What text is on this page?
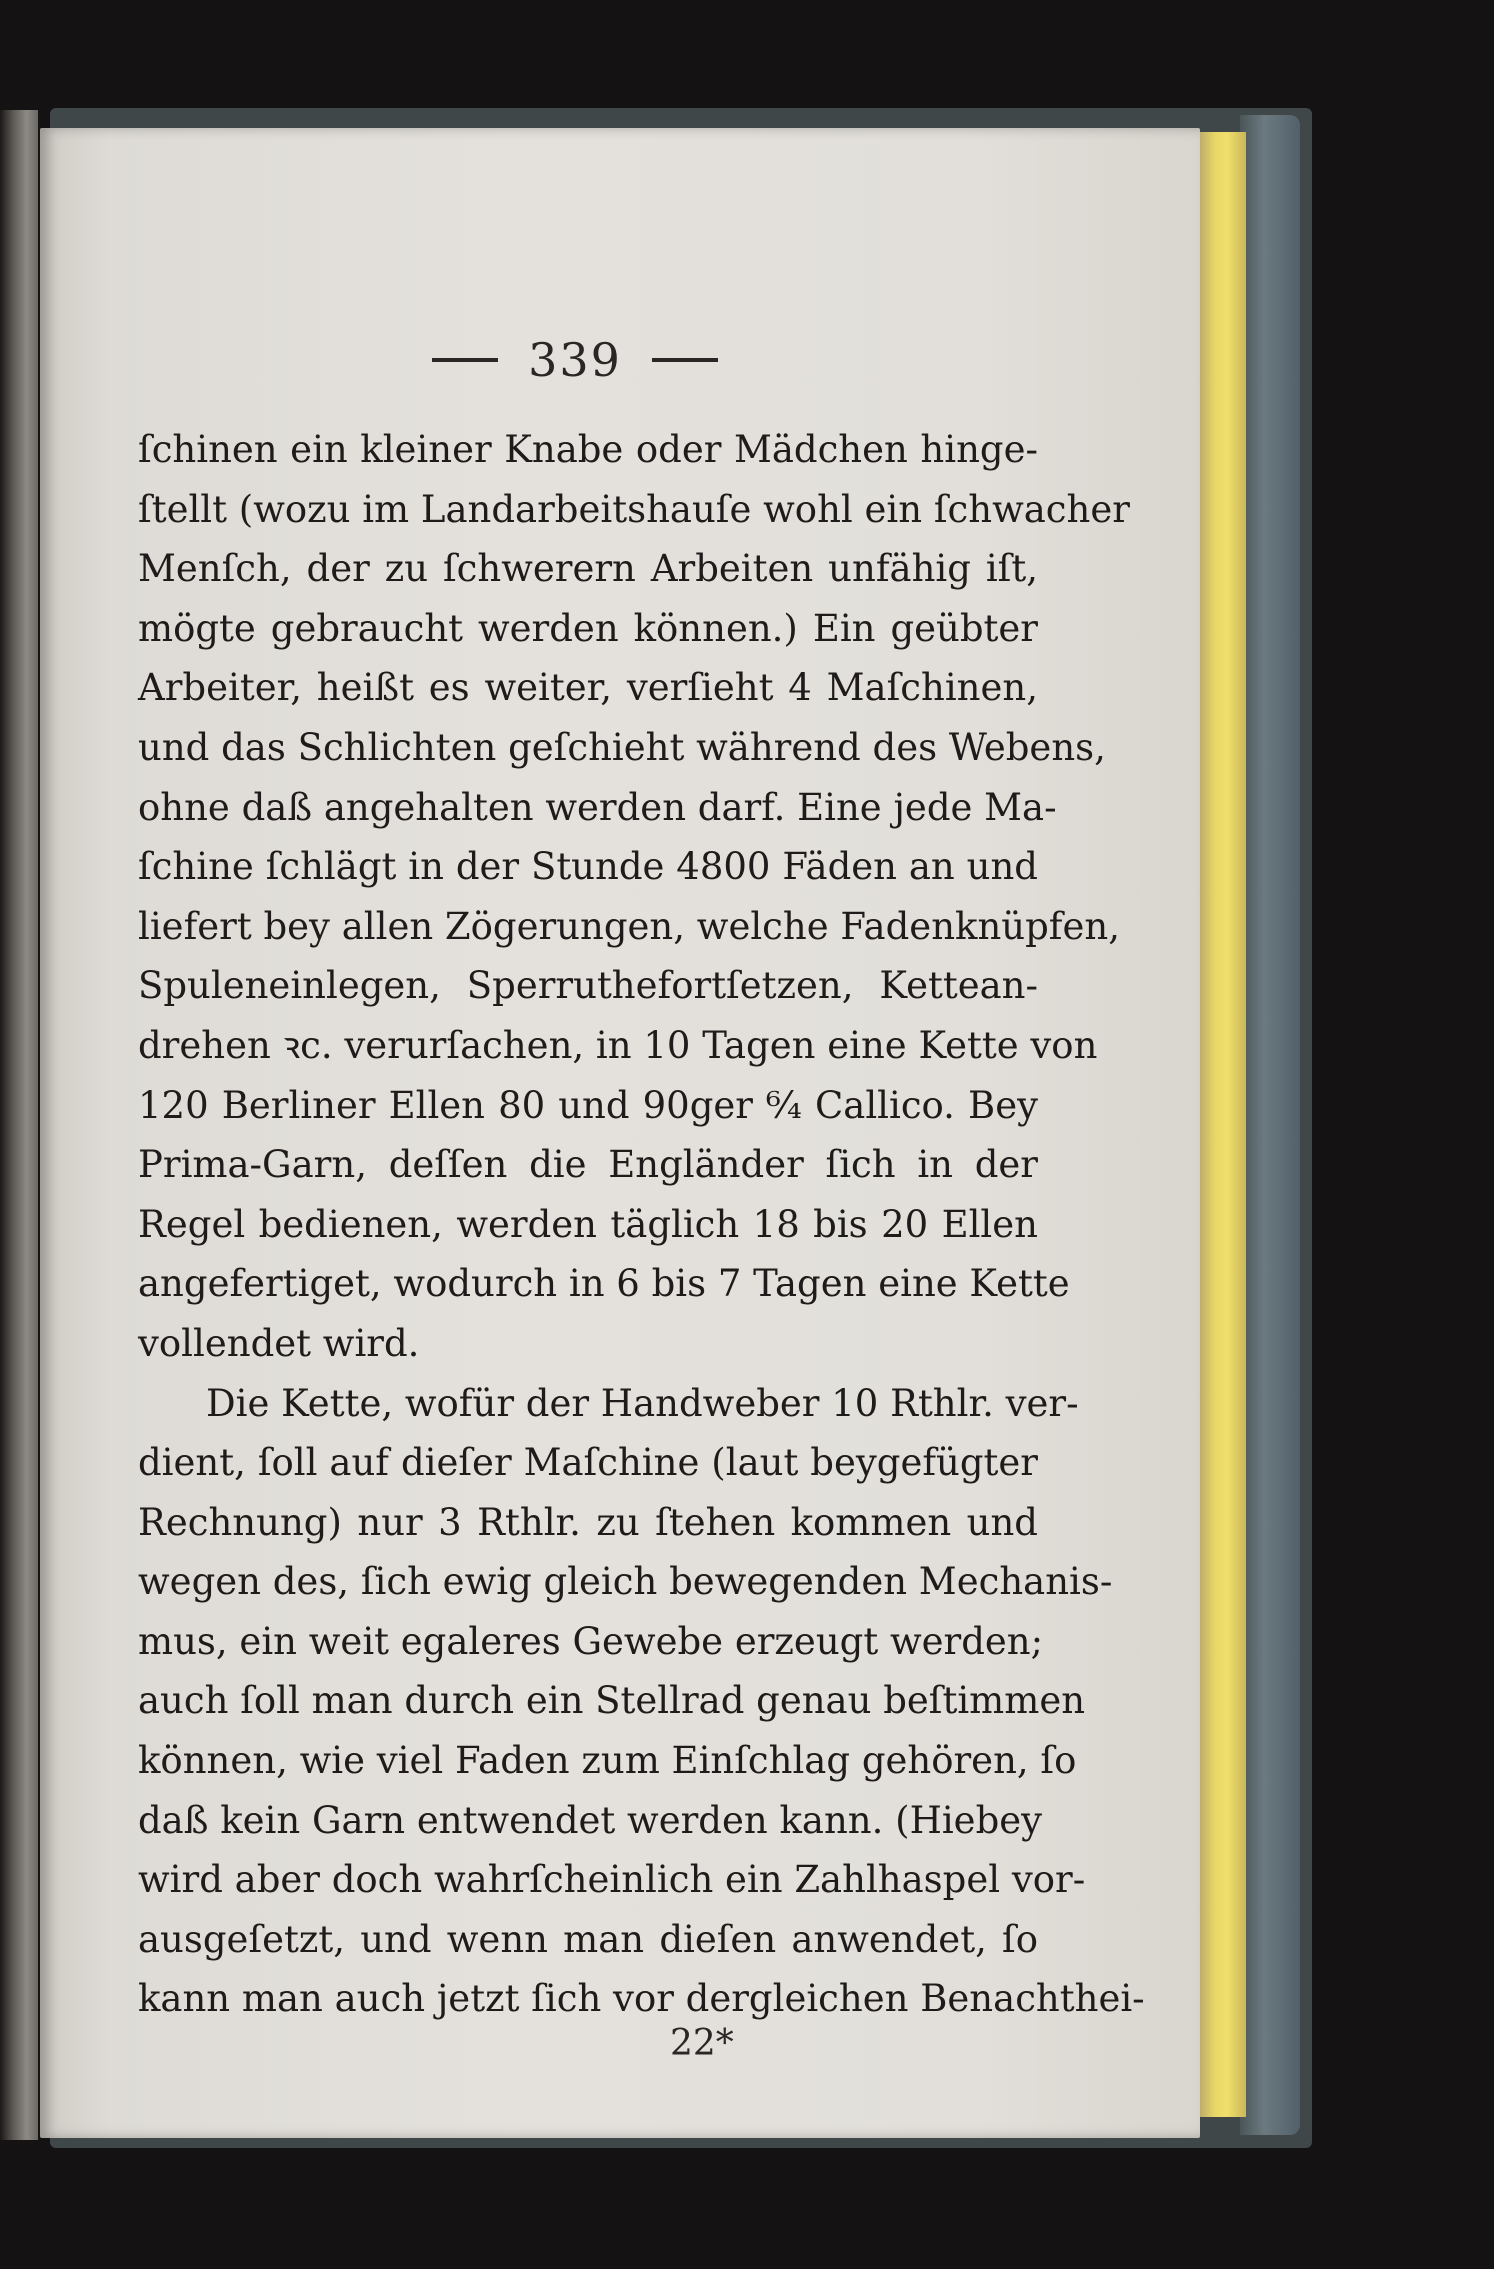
339
ſchinen ein kleiner Knabe oder Mädchen hinge-
ſtellt (wozu im Landarbeitshauſe wohl ein ſchwacher
Menſch, der zu ſchwerern Arbeiten unfähig iſt,
mögte gebraucht werden können.) Ein geübter
Arbeiter, heißt es weiter, verſieht 4 Maſchinen,
und das Schlichten geſchieht während des Webens,
ohne daß angehalten werden darf. Eine jede Ma-
ſchine ſchlägt in der Stunde 4800 Fäden an und
liefert bey allen Zögerungen, welche Fadenknüpfen,
Spuleneinlegen, Sperruthefortſetzen, Kettean-
drehen ꝛc. verurſachen, in 10 Tagen eine Kette von
120 Berliner Ellen 80 und 90ger ⁶⁄₄ Callico. Bey
Prima-Garn, deſſen die Engländer ſich in der
Regel bedienen, werden täglich 18 bis 20 Ellen
angefertiget, wodurch in 6 bis 7 Tagen eine Kette
vollendet wird.
Die Kette, wofür der Handweber 10 Rthlr. ver-
dient, ſoll auf dieſer Maſchine (laut beygefügter
Rechnung) nur 3 Rthlr. zu ſtehen kommen und
wegen des, ſich ewig gleich bewegenden Mechanis-
mus, ein weit egaleres Gewebe erzeugt werden;
auch ſoll man durch ein Stellrad genau beſtimmen
können, wie viel Faden zum Einſchlag gehören, ſo
daß kein Garn entwendet werden kann. (Hiebey
wird aber doch wahrſcheinlich ein Zahlhaspel vor-
ausgeſetzt, und wenn man dieſen anwendet, ſo
kann man auch jetzt ſich vor dergleichen Benachthei-
22*
